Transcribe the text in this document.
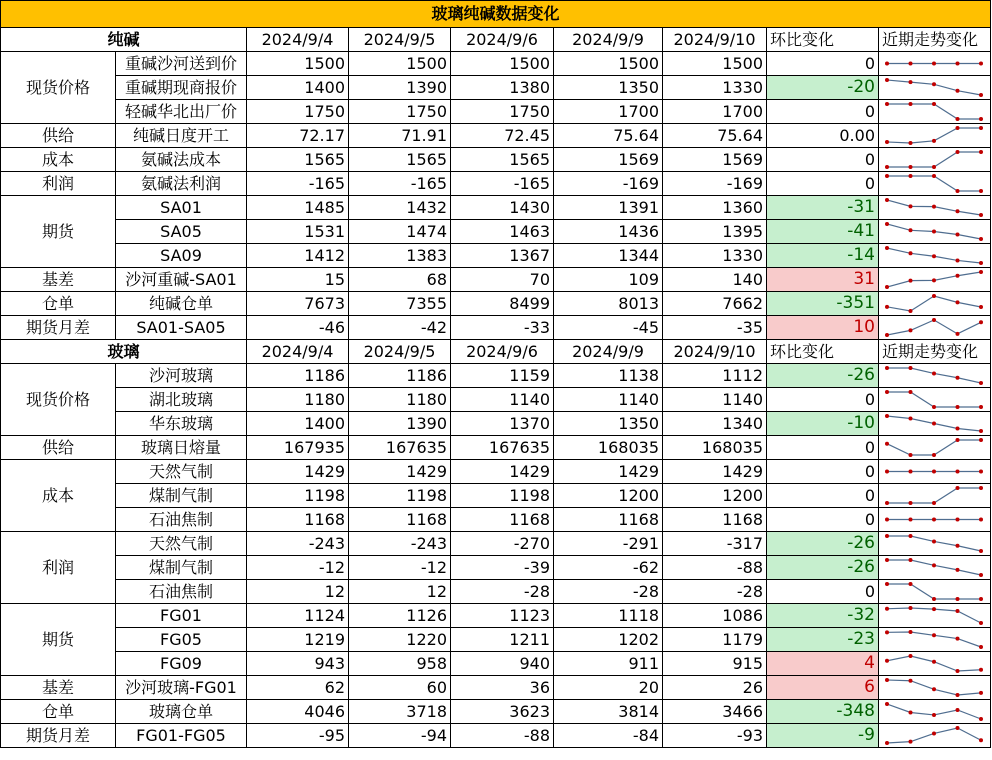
玻璃纯碱数据变化								
纯碱		2024/9/4	2024/9/5	2024/9/6	2024/9/9	2024/9/10	环比变化	近期走势变化
现货价格	重碱沙河送到价	1500	1500	1500	1500	1500	0	

	重碱期现商报价	1400	1390	1380	1350	1330	-20	

	轻碱华北出厂价	1750	1750	1750	1700	1700	0	

供给	纯碱日度开工	72.17	71.91	72.45	75.64	75.64	0.00	

成本	氨碱法成本	1565	1565	1565	1569	1569	0	

利润	氨碱法利润	-165	-165	-165	-169	-169	0	

期货	SA01	1485	1432	1430	1391	1360	-31	

	SA05	1531	1474	1463	1436	1395	-41	

	SA09	1412	1383	1367	1344	1330	-14	

基差	沙河重碱-SA01	15	68	70	109	140	31	

仓单	纯碱仓单	7673	7355	8499	8013	7662	-351	

期货月差	SA01-SA05	-46	-42	-33	-45	-35	10	

玻璃		2024/9/4	2024/9/5	2024/9/6	2024/9/9	2024/9/10	环比变化	近期走势变化
现货价格	沙河玻璃	1186	1186	1159	1138	1112	-26	

	湖北玻璃	1180	1180	1140	1140	1140	0	

	华东玻璃	1400	1390	1370	1350	1340	-10	

供给	玻璃日熔量	167935	167635	167635	168035	168035	0	

成本	天然气制	1429	1429	1429	1429	1429	0	

	煤制气制	1198	1198	1198	1200	1200	0	

	石油焦制	1168	1168	1168	1168	1168	0	

利润	天然气制	-243	-243	-270	-291	-317	-26	

	煤制气制	-12	-12	-39	-62	-88	-26	

	石油焦制	12	12	-28	-28	-28	0	

期货	FG01	1124	1126	1123	1118	1086	-32	

	FG05	1219	1220	1211	1202	1179	-23	

	FG09	943	958	940	911	915	4	

基差	沙河玻璃-FG01	62	60	36	20	26	6	

仓单	玻璃仓单	4046	3718	3623	3814	3466	-348	

期货月差	FG01-FG05	-95	-94	-88	-84	-93	-9	
